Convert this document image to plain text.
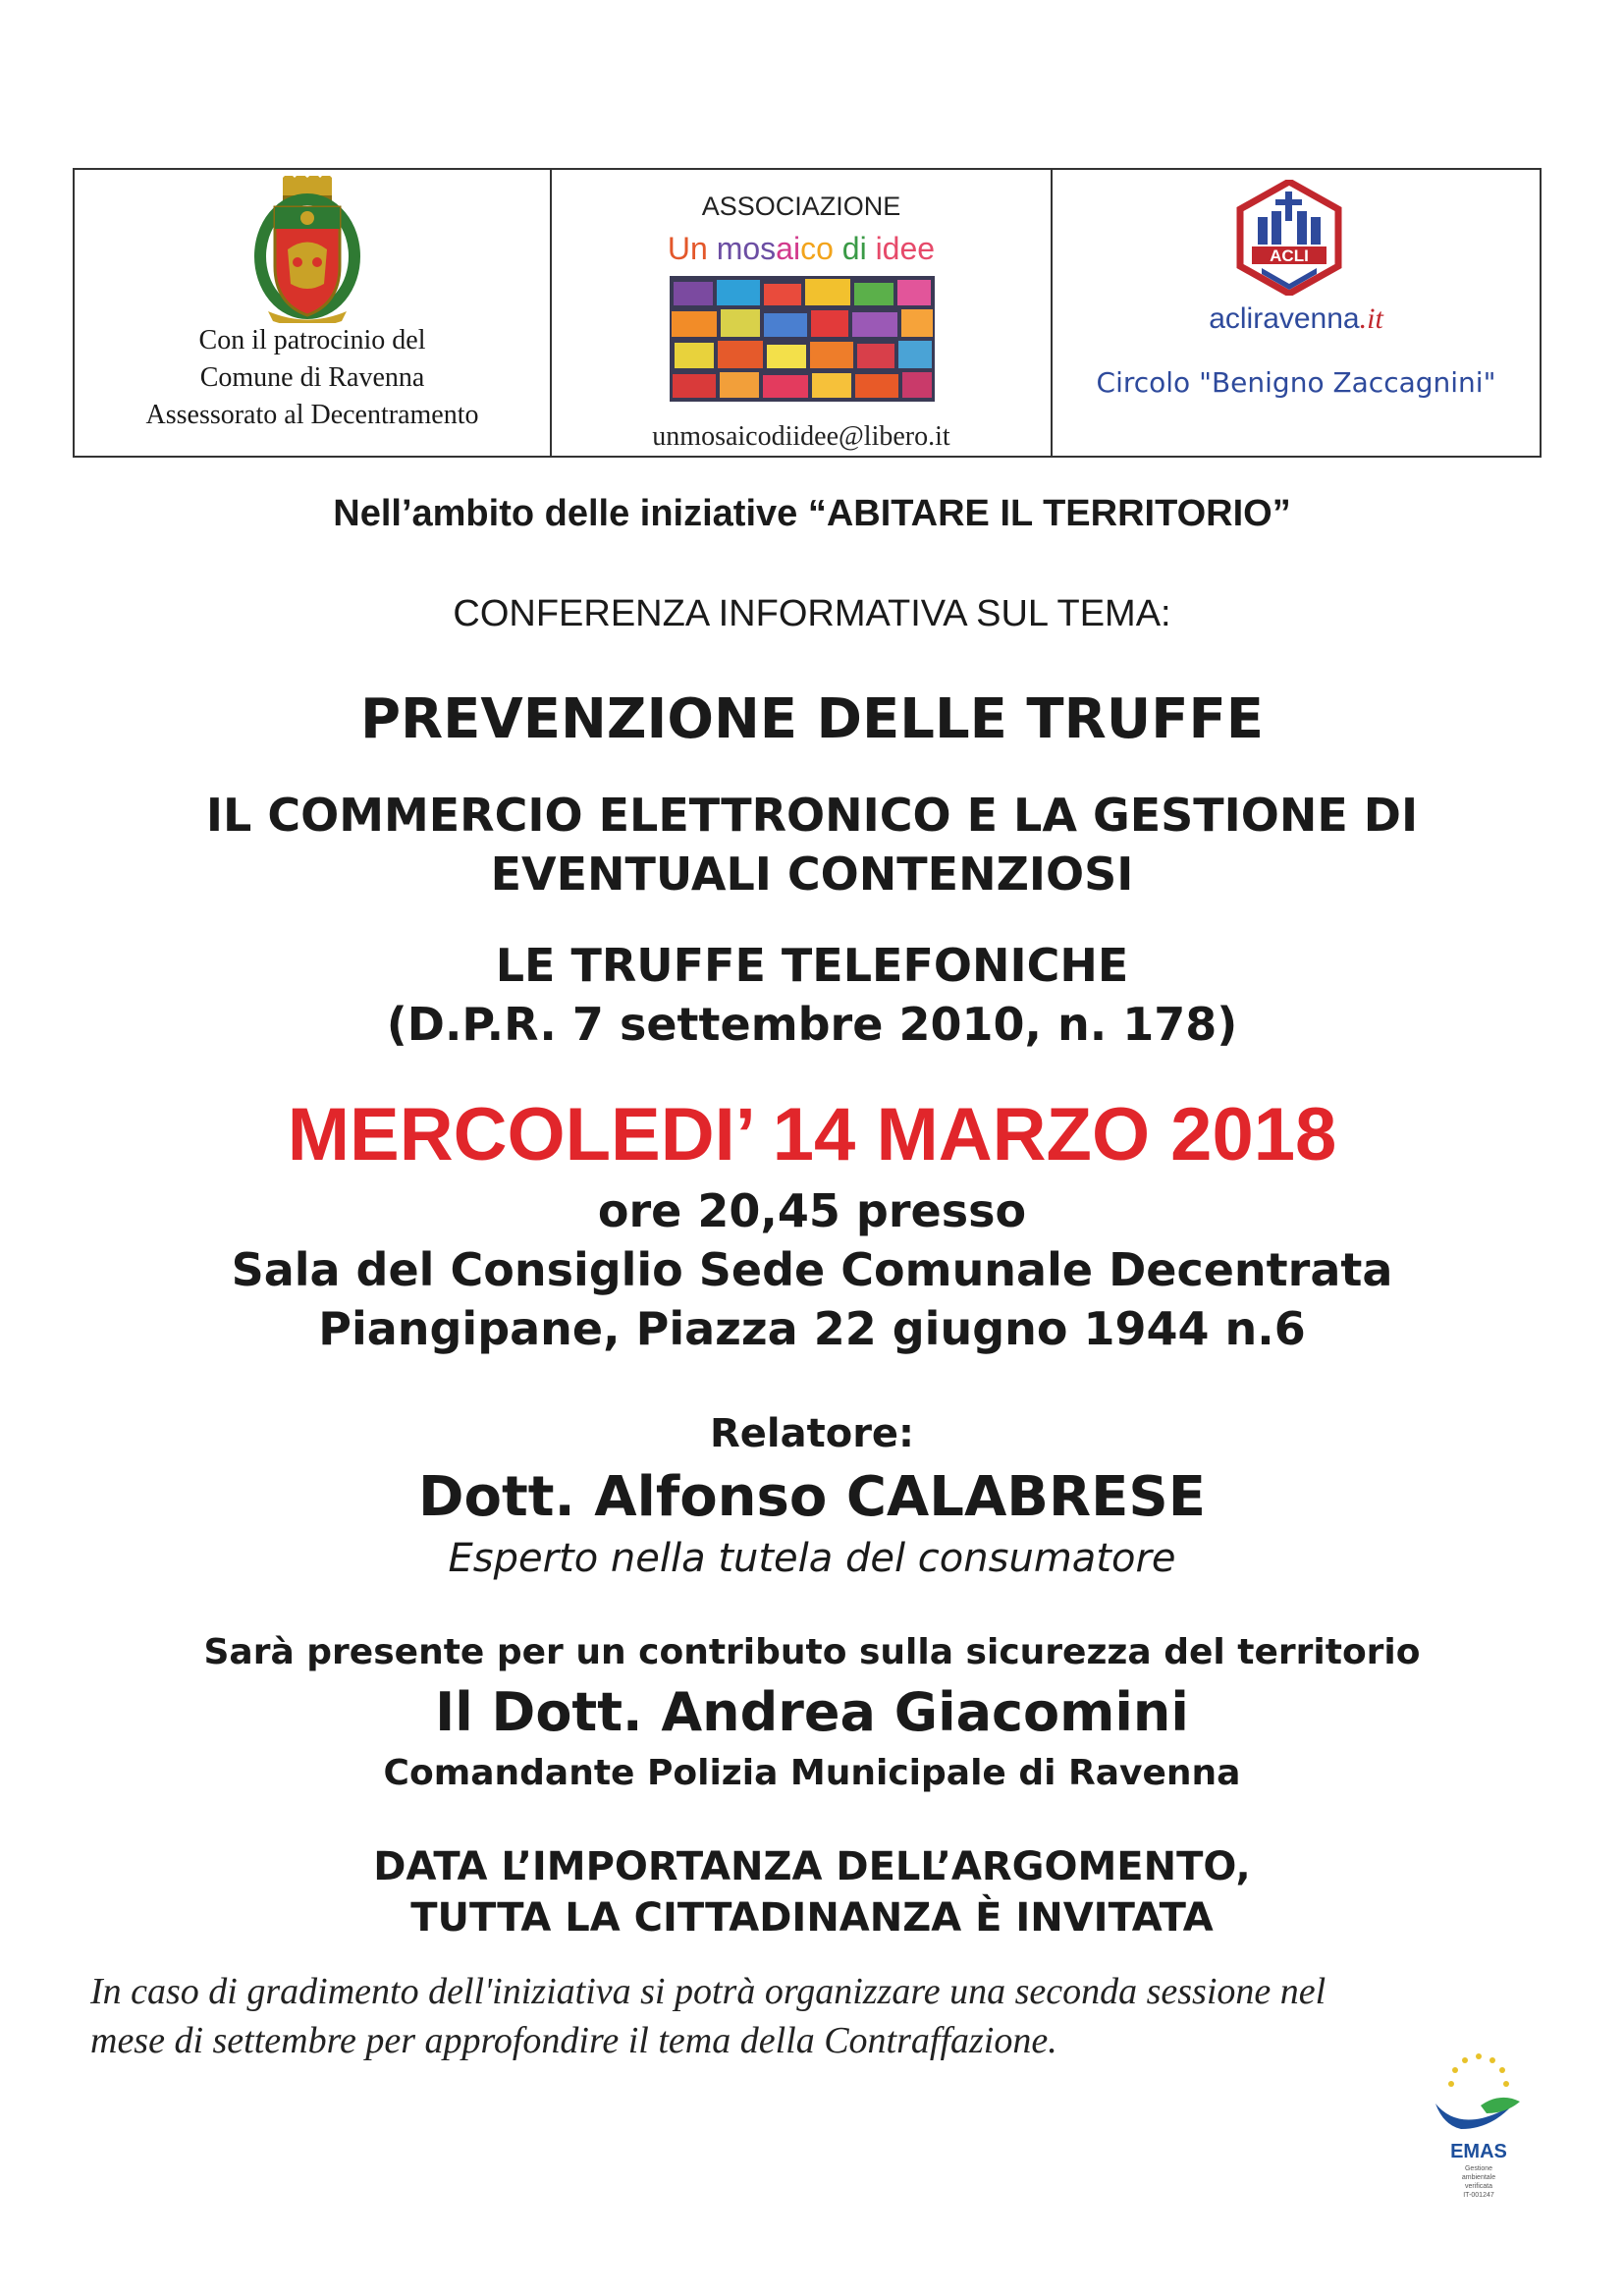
Con il patrocinio del
Comune di Ravenna
Assessorato al Decentramento
ASSOCIAZIONE
Un mosaico di idee
unmosaicodiidee@libero.it
ACLI
acliravenna.it
Circolo "Benigno Zaccagnini"
Nell’ambito delle iniziative “ABITARE IL TERRITORIO”
CONFERENZA INFORMATIVA SUL TEMA:
PREVENZIONE DELLE TRUFFE
IL COMMERCIO ELETTRONICO E LA GESTIONE DI
EVENTUALI CONTENZIOSI
LE TRUFFE TELEFONICHE
(D.P.R. 7 settembre 2010, n. 178)
MERCOLEDI’ 14 MARZO 2018
ore 20,45 presso
Sala del Consiglio Sede Comunale Decentrata
Piangipane, Piazza 22 giugno 1944 n.6
Relatore:
Dott. Alfonso CALABRESE
Esperto nella tutela del consumatore
Sarà presente per un contributo sulla sicurezza del territorio
Il Dott. Andrea Giacomini
Comandante Polizia Municipale di Ravenna
DATA L’IMPORTANZA DELL’ARGOMENTO,
TUTTA LA CITTADINANZA È INVITATA
In caso di gradimento dell'iniziativa si potrà organizzare una seconda sessione nel
mese di settembre per approfondire il tema della Contraffazione.
EMAS
Gestione
ambientale
verificata
IT-001247
